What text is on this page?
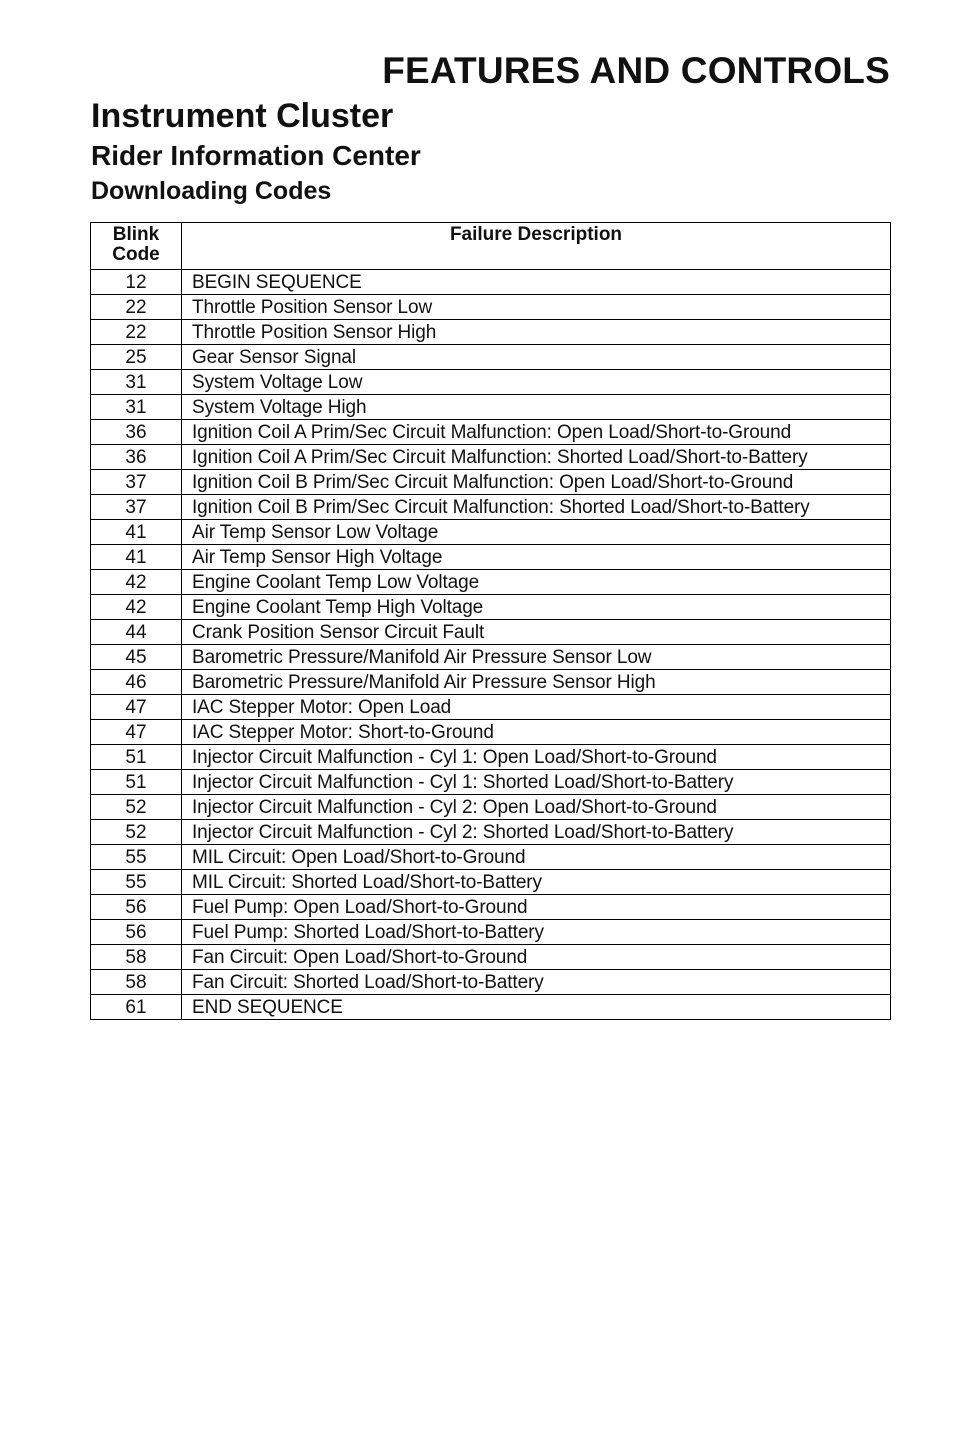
FEATURES AND CONTROLS
Instrument Cluster
Rider Information Center
Downloading Codes
Blink
Code	Failure Description
12	BEGIN SEQUENCE
22	Throttle Position Sensor Low
22	Throttle Position Sensor High
25	Gear Sensor Signal
31	System Voltage Low
31	System Voltage High
36	Ignition Coil A Prim/Sec Circuit Malfunction: Open Load/Short-to-Ground
36	Ignition Coil A Prim/Sec Circuit Malfunction: Shorted Load/Short-to-Battery
37	Ignition Coil B Prim/Sec Circuit Malfunction: Open Load/Short-to-Ground
37	Ignition Coil B Prim/Sec Circuit Malfunction: Shorted Load/Short-to-Battery
41	Air Temp Sensor Low Voltage
41	Air Temp Sensor High Voltage
42	Engine Coolant Temp Low Voltage
42	Engine Coolant Temp High Voltage
44	Crank Position Sensor Circuit Fault
45	Barometric Pressure/Manifold Air Pressure Sensor Low
46	Barometric Pressure/Manifold Air Pressure Sensor High
47	IAC Stepper Motor: Open Load
47	IAC Stepper Motor: Short-to-Ground
51	Injector Circuit Malfunction - Cyl 1: Open Load/Short-to-Ground
51	Injector Circuit Malfunction - Cyl 1: Shorted Load/Short-to-Battery
52	Injector Circuit Malfunction - Cyl 2: Open Load/Short-to-Ground
52	Injector Circuit Malfunction - Cyl 2: Shorted Load/Short-to-Battery
55	MIL Circuit: Open Load/Short-to-Ground
55	MIL Circuit: Shorted Load/Short-to-Battery
56	Fuel Pump: Open Load/Short-to-Ground
56	Fuel Pump: Shorted Load/Short-to-Battery
58	Fan Circuit: Open Load/Short-to-Ground
58	Fan Circuit: Shorted Load/Short-to-Battery
61	END SEQUENCE
